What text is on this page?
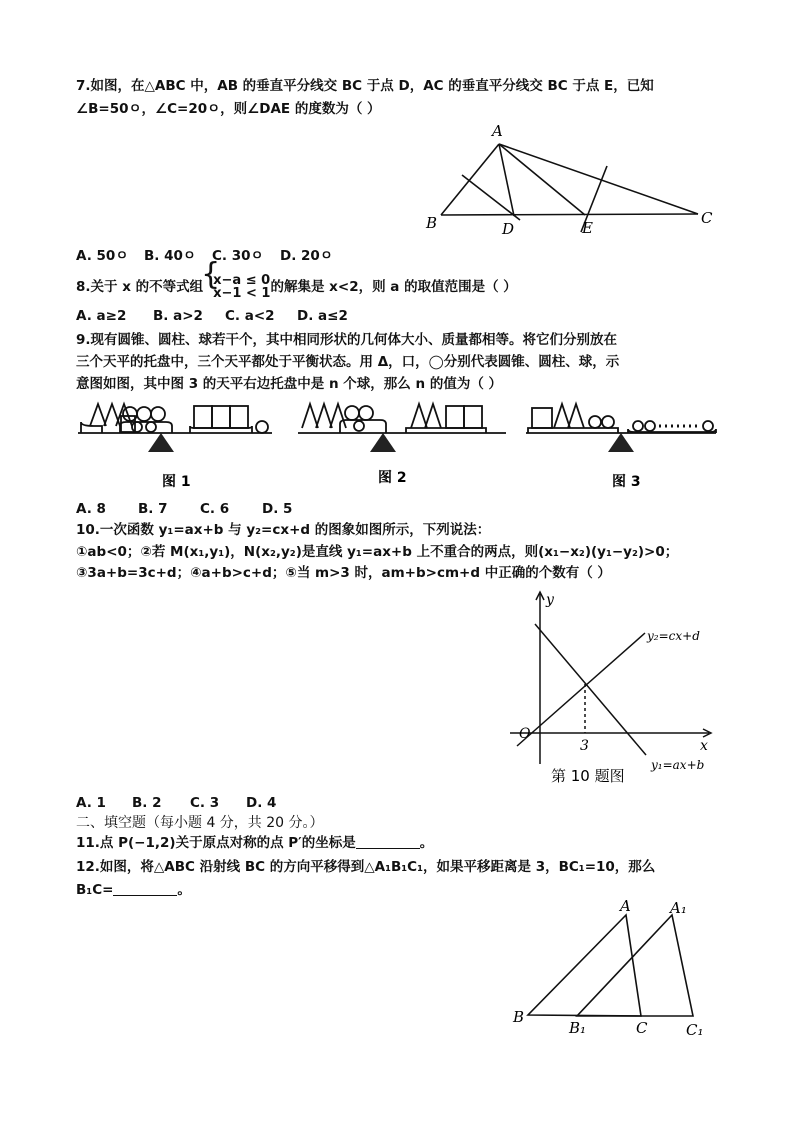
7.如图，在△ABC 中，AB 的垂直平分线交 BC 于点 D，AC 的垂直平分线交 BC 于点 E，已知
∠B=50ㅇ，∠C=20ㅇ，则∠DAE 的度数为（ ）
A
B	D	E
C
A. 50ㅇ B. 40ㅇ C. 30ㅇ D. 20ㅇ
8.关于 x 的不等式组
{ x−a ≤ 0
x−1 < 1 的解集是 x<2，则 a 的取值范围是（ ）
A. a≥2 B. a>2 C. a<2 D. a≤2
9.现有圆锥、圆柱、球若干个，其中相同形状的几何体大小、质量都相等。将它们分别放在
三个天平的托盘中，三个天平都处于平衡状态。用 Δ，口，◯分别代表圆锥、圆柱、球，示
意图如图，其中图 3 的天平右边托盘中是 n 个球，那么 n 的值为（ ）
图 1	图 2	图 3
A. 8 B. 7 C. 6 D. 5
10.一次函数 y₁=ax+b 与 y₂=cx+d 的图象如图所示，下列说法：
①ab<0；②若 M(x₁,y₁)，N(x₂,y₂)是直线 y₁=ax+b 上不重合的两点，则(x₁−x₂)(y₁−y₂)>0；
③3a+b=3c+d；④a+b>c+d；⑤当 m>3 时，am+b>cm+d 中正确的个数有（ ）
y
x
O
3
y₂=cx+d
y₁=ax+b
第 10 题图
A. 1 B. 2 C. 3 D. 4
二、填空题（每小题 4 分，共 20 分。）
11.点 P(−1,2)关于原点对称的点 P′的坐标是	。
12.如图，将△ABC 沿射线 BC 的方向平移得到△A₁B₁C₁，如果平移距离是 3，BC₁=10，那么
B₁C=	。
A	A₁
B
B₁	C	C₁
